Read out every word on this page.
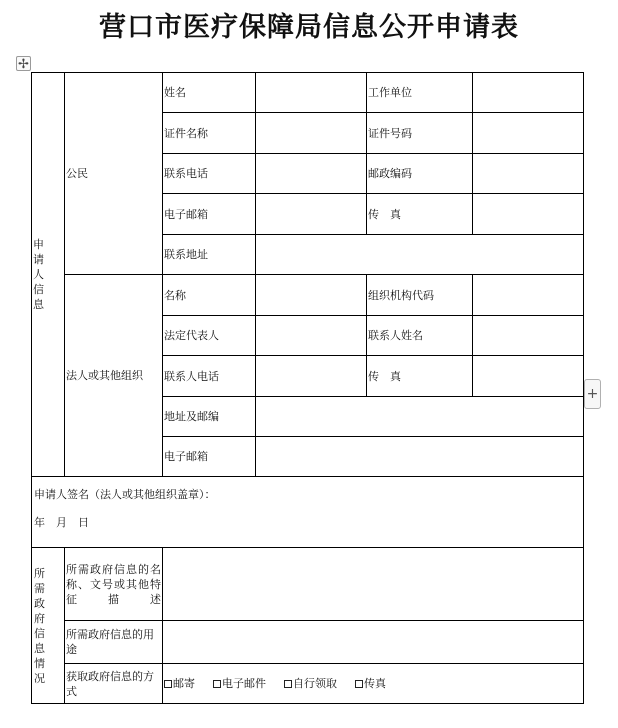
营口市医疗保障局信息公开申请表
✢
+
申 请 人 信 息	公民	姓名		工作单位	
		证件名称		证件号码	
		联系电话		邮政编码	
		电子邮箱		传　真	
		联系地址			
	法人或其他组织	名称		组织机构代码	
		法定代表人		联系人姓名	
		联系人电话		传　真	
		地址及邮编			
		电子邮箱			

申请人签名（法人或其他组织盖章）：
年　月　日					

所 需 政 府 信 息 情况	所需政府信息的名称、文号或其他特征描述				
	所需政府信息的用途				
	获取政府信息的方式	邮寄 电子邮件 自行领取 传真			
